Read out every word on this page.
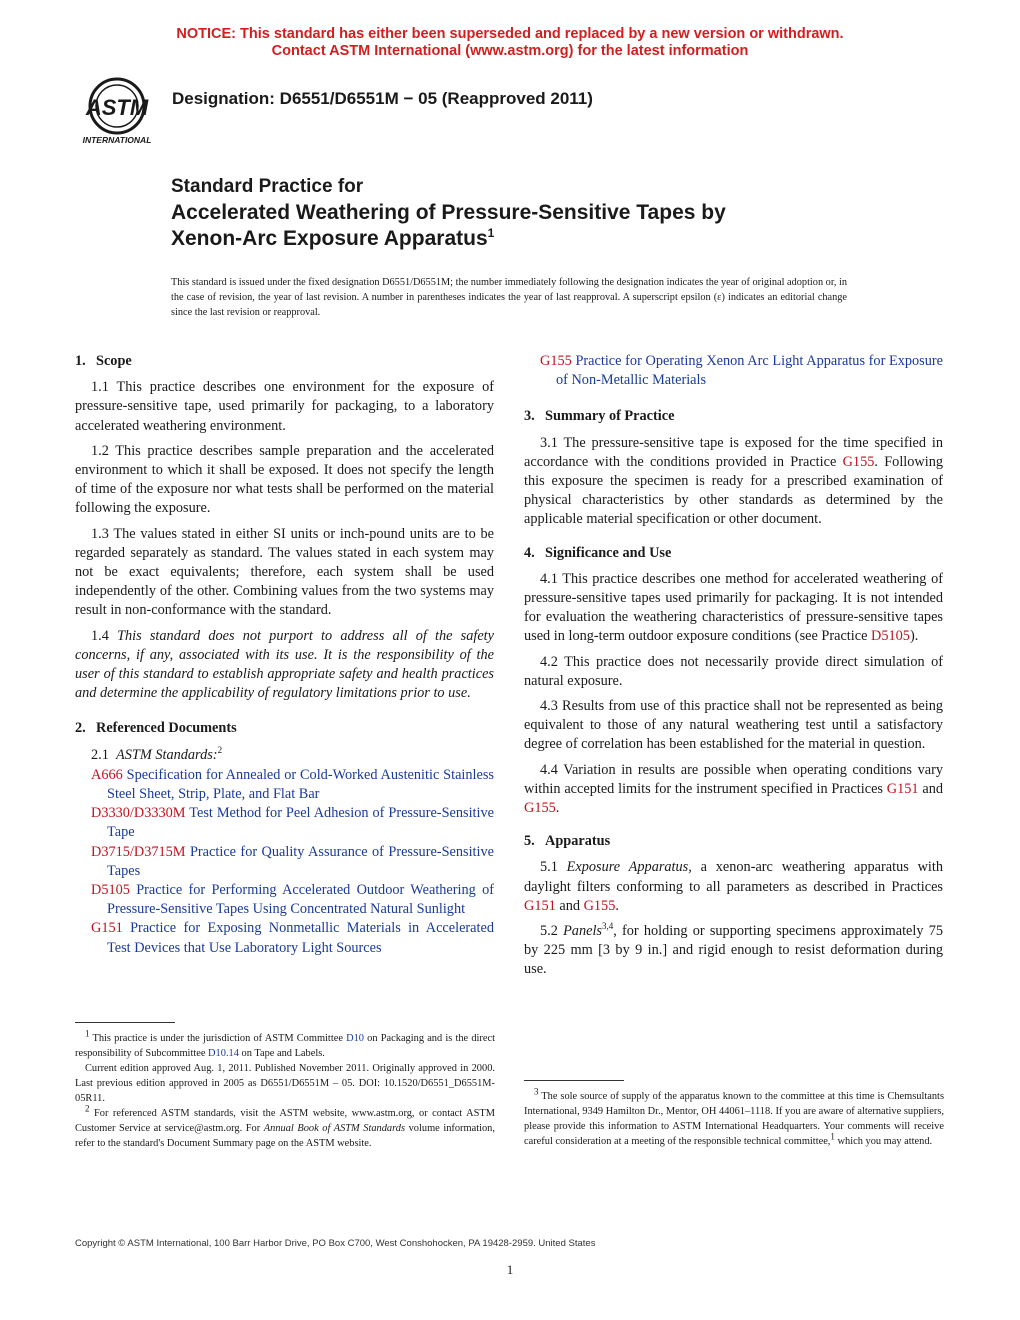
NOTICE: This standard has either been superseded and replaced by a new version or withdrawn.
Contact ASTM International (www.astm.org) for the latest information
ASTM
INTERNATIONAL
Designation: D6551/D6551M − 05 (Reapproved 2011)
Standard Practice for
Accelerated Weathering of Pressure-Sensitive Tapes by
Xenon-Arc Exposure Apparatus$^1$
This standard is issued under the fixed designation D6551/D6551M; the number immediately following the designation indicates the year of original adoption or, in the case of revision, the year of last revision. A number in parentheses indicates the year of last reapproval. A superscript epsilon (ε) indicates an editorial change since the last revision or reapproval.
1. Scope

1.1 This practice describes one environment for the exposure of pressure-sensitive tape, used primarily for packaging, to a laboratory accelerated weathering environment.

1.2 This practice describes sample preparation and the accelerated environment to which it shall be exposed. It does not specify the length of time of the exposure nor what tests shall be performed on the material following the exposure.

1.3 The values stated in either SI units or inch-pound units are to be regarded separately as standard. The values stated in each system may not be exact equivalents; therefore, each system shall be used independently of the other. Combining values from the two systems may result in non-conformance with the standard.

1.4 This standard does not purport to address all of the safety concerns, if any, associated with its use. It is the responsibility of the user of this standard to establish appropriate safety and health practices and determine the applicability of regulatory limitations prior to use.

2. Referenced Documents
2.1 ASTM Standards:$^2$
A666 Specification for Annealed or Cold-Worked Austenitic Stainless Steel Sheet, Strip, Plate, and Flat Bar
D3330/D3330M Test Method for Peel Adhesion of Pressure-Sensitive Tape
D3715/D3715M Practice for Quality Assurance of Pressure-Sensitive Tapes
D5105 Practice for Performing Accelerated Outdoor Weathering of Pressure-Sensitive Tapes Using Concentrated Natural Sunlight
G151 Practice for Exposing Nonmetallic Materials in Accelerated Test Devices that Use Laboratory Light Sources
G155 Practice for Operating Xenon Arc Light Apparatus for Exposure of Non-Metallic Materials
3. Summary of Practice

3.1 The pressure-sensitive tape is exposed for the time specified in accordance with the conditions provided in Practice G155. Following this exposure the specimen is ready for a prescribed examination of physical characteristics by other standards as determined by the applicable material specification or other document.

4. Significance and Use

4.1 This practice describes one method for accelerated weathering of pressure-sensitive tapes used primarily for packaging. It is not intended for evaluation the weathering characteristics of pressure-sensitive tapes used in long-term outdoor exposure conditions (see Practice D5105).

4.2 This practice does not necessarily provide direct simulation of natural exposure.

4.3 Results from use of this practice shall not be represented as being equivalent to those of any natural weathering test until a satisfactory degree of correlation has been established for the material in question.

4.4 Variation in results are possible when operating conditions vary within accepted limits for the instrument specified in Practices G151 and G155.

5. Apparatus

5.1 Exposure Apparatus, a xenon-arc weathering apparatus with daylight filters conforming to all parameters as described in Practices G151 and G155.

5.2 Panels$^{3,4}$, for holding or supporting specimens approximately 75 by 225 mm [3 by 9 in.] and rigid enough to resist deformation during use.

$^1$ This practice is under the jurisdiction of ASTM Committee D10 on Packaging and is the direct responsibility of Subcommittee D10.14 on Tape and Labels.

Current edition approved Aug. 1, 2011. Published November 2011. Originally approved in 2000. Last previous edition approved in 2005 as D6551/D6551M – 05. DOI: 10.1520/D6551_D6551M-05R11.

$^2$ For referenced ASTM standards, visit the ASTM website, www.astm.org, or contact ASTM Customer Service at service@astm.org. For Annual Book of ASTM Standards volume information, refer to the standard's Document Summary page on the ASTM website.

$^3$ The sole source of supply of the apparatus known to the committee at this time is Chemsultants International, 9349 Hamilton Dr., Mentor, OH 44061–1118. If you are aware of alternative suppliers, please provide this information to ASTM International Headquarters. Your comments will receive careful consideration at a meeting of the responsible technical committee,$^1$ which you may attend.

Copyright © ASTM International, 100 Barr Harbor Drive, PO Box C700, West Conshohocken, PA 19428-2959. United States
1
